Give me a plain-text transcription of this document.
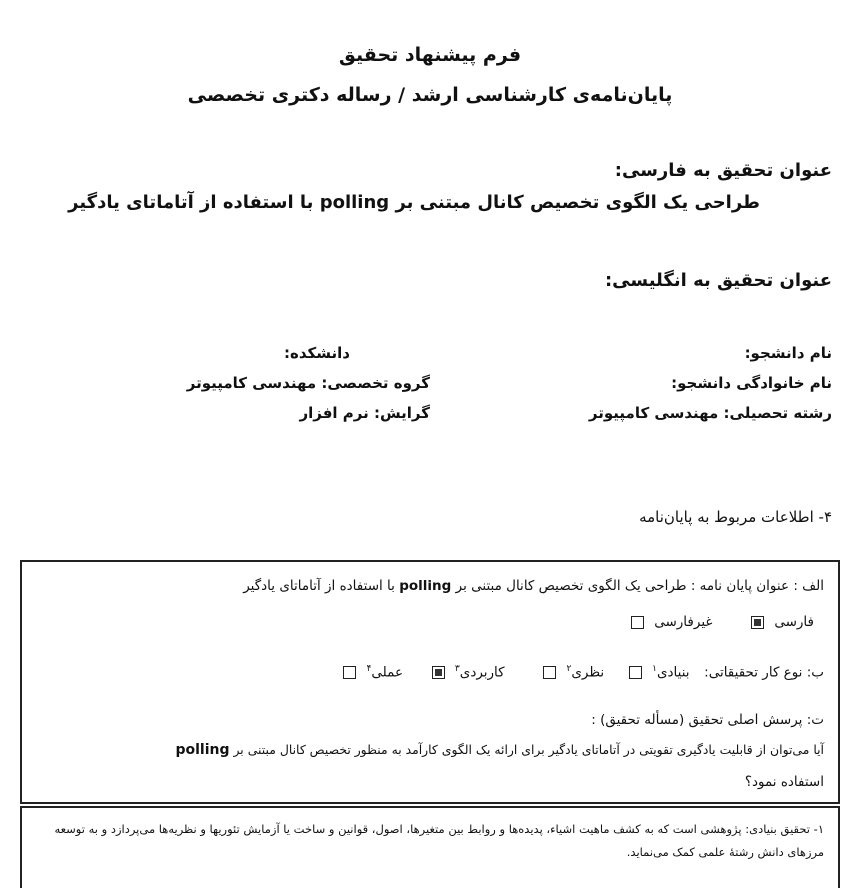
فرم پیشنهاد تحقیق
پایان‌نامه‌ی کارشناسی ارشد / رساله دکتری تخصصی
عنوان تحقیق به فارسی:
طراحی یک الگوی تخصیص کانال مبتنی بر polling با استفاده از آتاماتای یادگیر
عنوان تحقیق به انگلیسی:
نام دانشجو:
نام خانوادگی دانشجو:
رشته تحصیلی: مهندسی کامپیوتر
دانشکده:
گروه تخصصی: مهندسی کامپیوتر
گرایش: نرم افزار
۴- اطلاعات مربوط به پایان‌نامه
الف : عنوان پایان نامه : طراحی یک الگوی تخصیص کانال مبتنی بر polling با استفاده از آتاماتای یادگیر
فارسی   غیرفارسی
ب: نوع کار تحقیقاتی:  بنیادی$^۱$   نظری$^۲$   کاربردی$^۳$   عملی$^۴$
ت: پرسش اصلی تحقیق (مسأله تحقیق) :
آیا می‌توان از قابلیت یادگیری تقویتی در آتاماتای یادگیر برای ارائه یک الگوی کارآمد به منظور تخصیص کانال مبتنی بر polling
استفاده نمود؟
۱- تحقیق بنیادی: پژوهشی است که به کشف ماهیت اشیاء، پدیده‌ها و روابط بین متغیرها، اصول، قوانین و ساخت یا آزمایش تئوریها و نظریه‌ها می‌پردازد و به توسعه مرزهای دانش رشتهٔ علمی کمک می‌نماید.
